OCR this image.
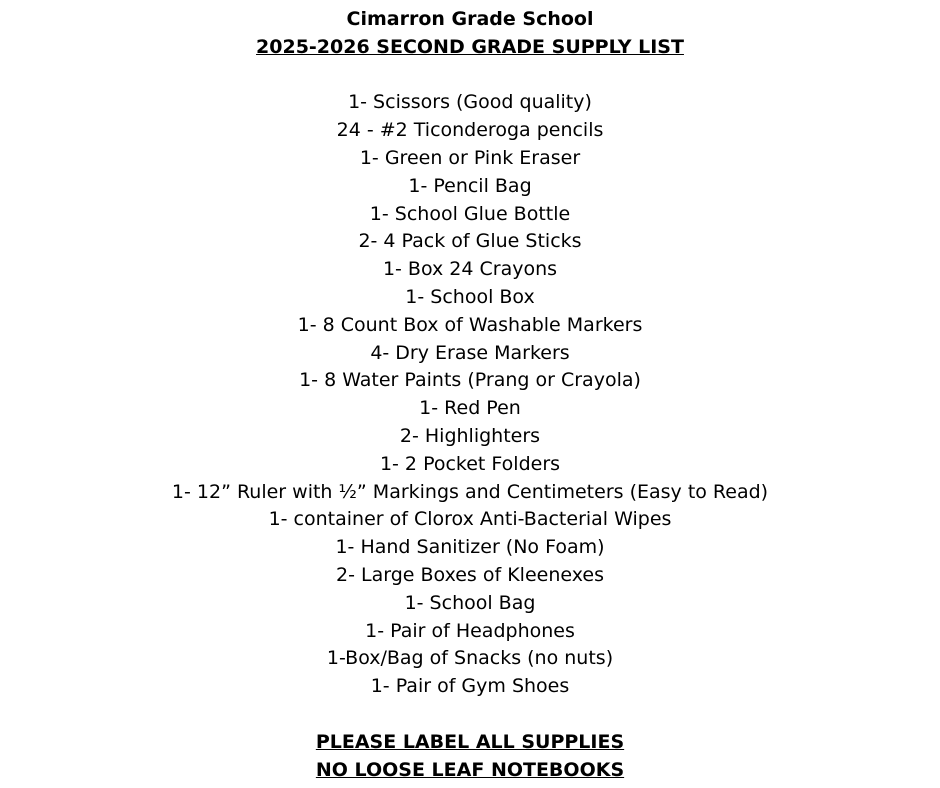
Cimarron Grade School
2025-2026 SECOND GRADE SUPPLY LIST
1- Scissors (Good quality)
24 - #2 Ticonderoga pencils
1- Green or Pink Eraser
1- Pencil Bag
1- School Glue Bottle
2- 4 Pack of Glue Sticks
1- Box 24 Crayons
1- School Box
1- 8 Count Box of Washable Markers
4- Dry Erase Markers
1- 8 Water Paints (Prang or Crayola)
1- Red Pen
2- Highlighters
1- 2 Pocket Folders
1- 12” Ruler with ½” Markings and Centimeters (Easy to Read)
1- container of Clorox Anti-Bacterial Wipes
1- Hand Sanitizer (No Foam)
2- Large Boxes of Kleenexes
1- School Bag
1- Pair of Headphones
1-Box/Bag of Snacks (no nuts)
1- Pair of Gym Shoes
PLEASE LABEL ALL SUPPLIES
NO LOOSE LEAF NOTEBOOKS
